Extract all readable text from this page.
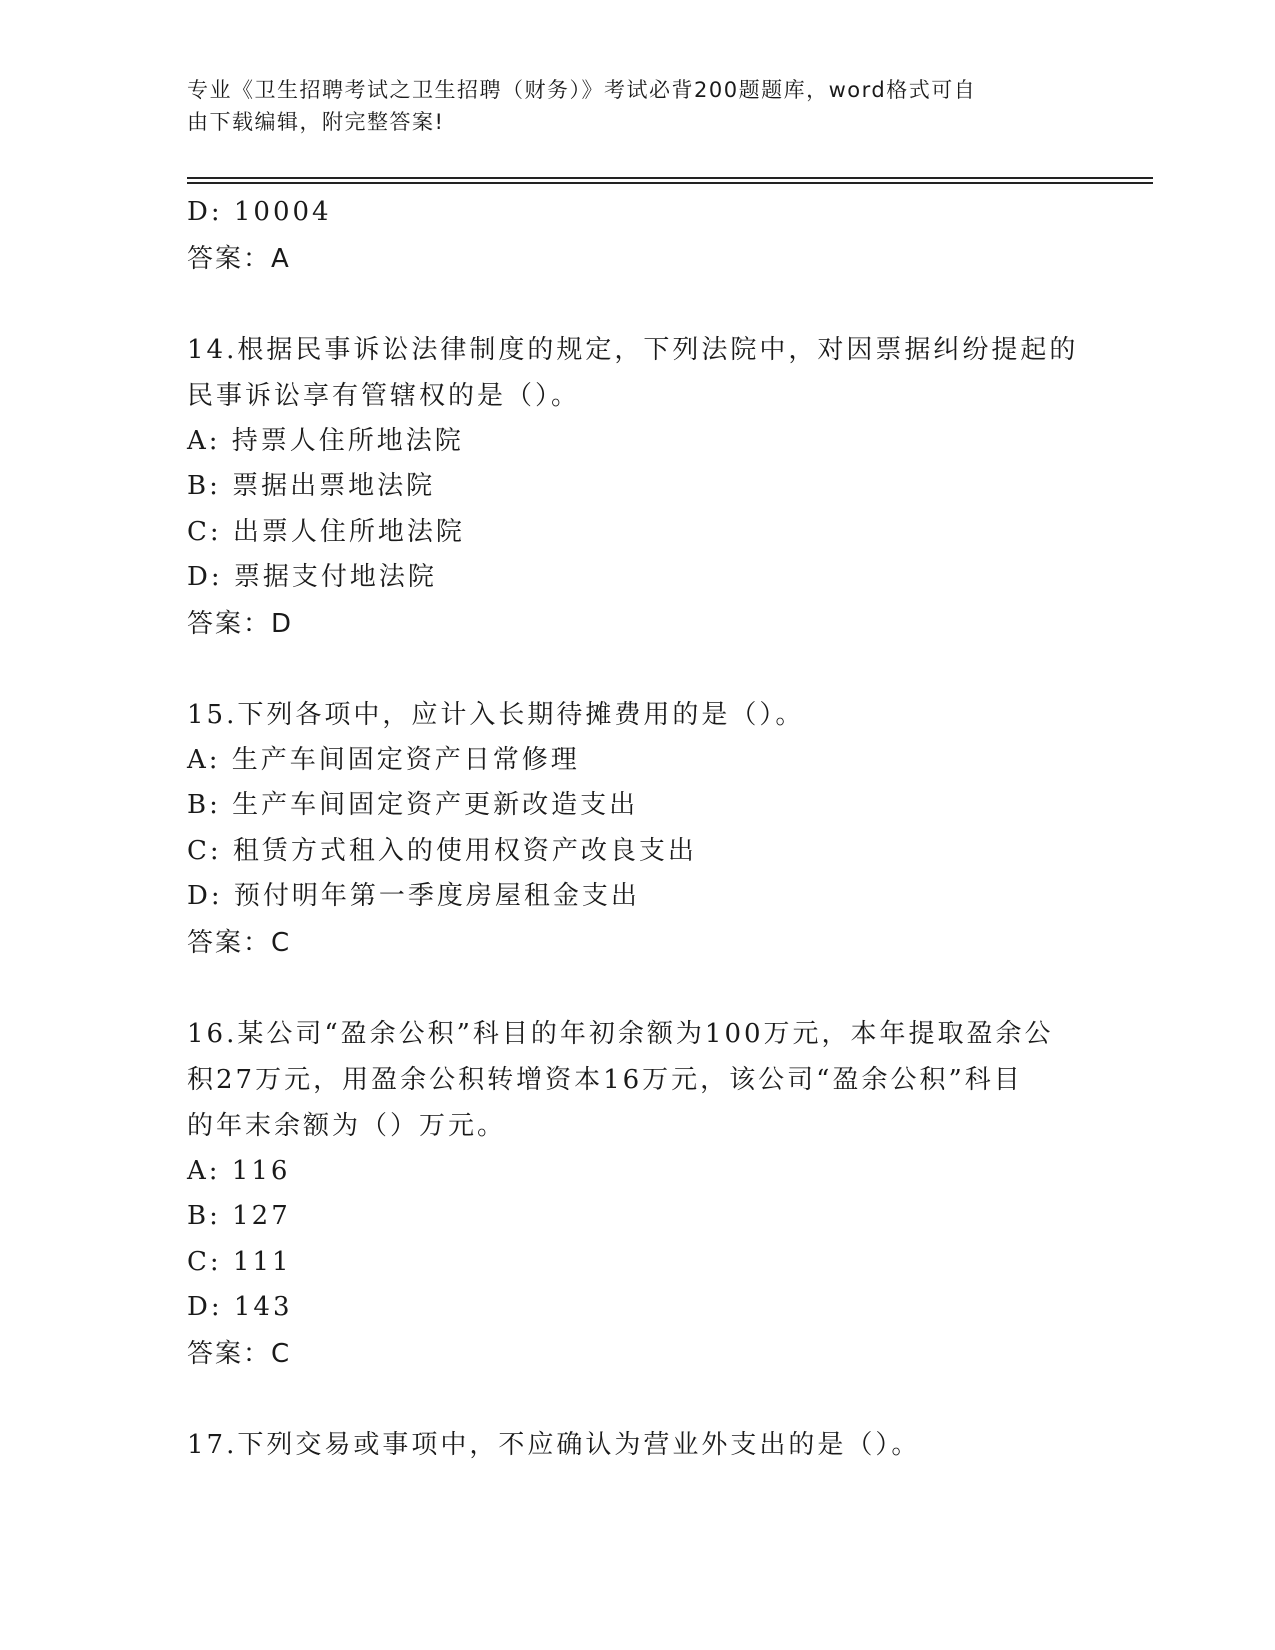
专业《卫生招聘考试之卫生招聘（财务）》考试必背200题题库，word格式可自
由下载编辑，附完整答案!
D: 10004
答案：A
14.根据民事诉讼法律制度的规定，下列法院中，对因票据纠纷提起的
民事诉讼享有管辖权的是（）。
A: 持票人住所地法院
B: 票据出票地法院
C: 出票人住所地法院
D: 票据支付地法院
答案：D
15.下列各项中，应计入长期待摊费用的是（）。
A: 生产车间固定资产日常修理
B: 生产车间固定资产更新改造支出
C: 租赁方式租入的使用权资产改良支出
D: 预付明年第一季度房屋租金支出
答案：C
16.某公司“盈余公积”科目的年初余额为100万元，本年提取盈余公
积27万元，用盈余公积转增资本16万元，该公司“盈余公积”科目
的年末余额为（）万元。
A: 116
B: 127
C: 111
D: 143
答案：C
17.下列交易或事项中，不应确认为营业外支出的是（）。
